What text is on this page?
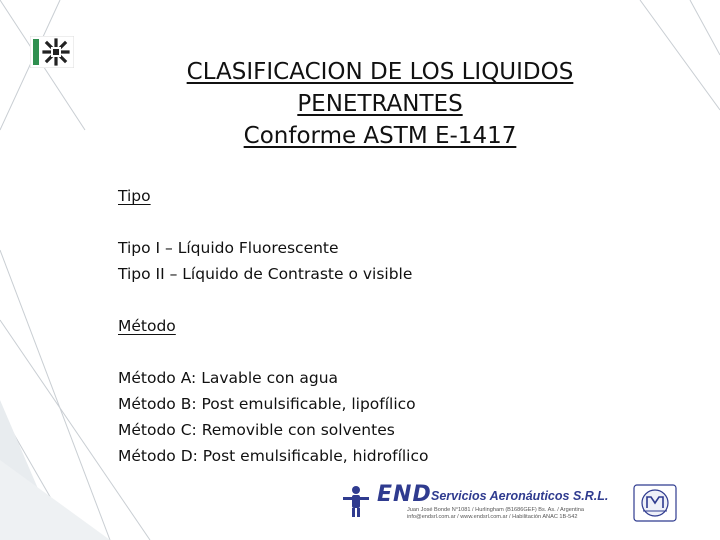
CLASIFICACION DE LOS LIQUIDOS
PENETRANTES
Conforme ASTM E-1417
Tipo
Tipo I – Líquido Fluorescente
Tipo II – Líquido de Contraste o visible
Método
Método A: Lavable con agua
Método B: Post emulsificable, lipofílico
Método C: Removible con solventes
Método D: Post emulsificable, hidrofílico
END Servicios Aeronáuticos S.R.L.
Juan José Bonde N°1081 / Hurlingham (B1686GEF) Bs. As. / Argentina
info@endsrl.com.ar / www.endsrl.com.ar / Habilitación ANAC 1B-542
